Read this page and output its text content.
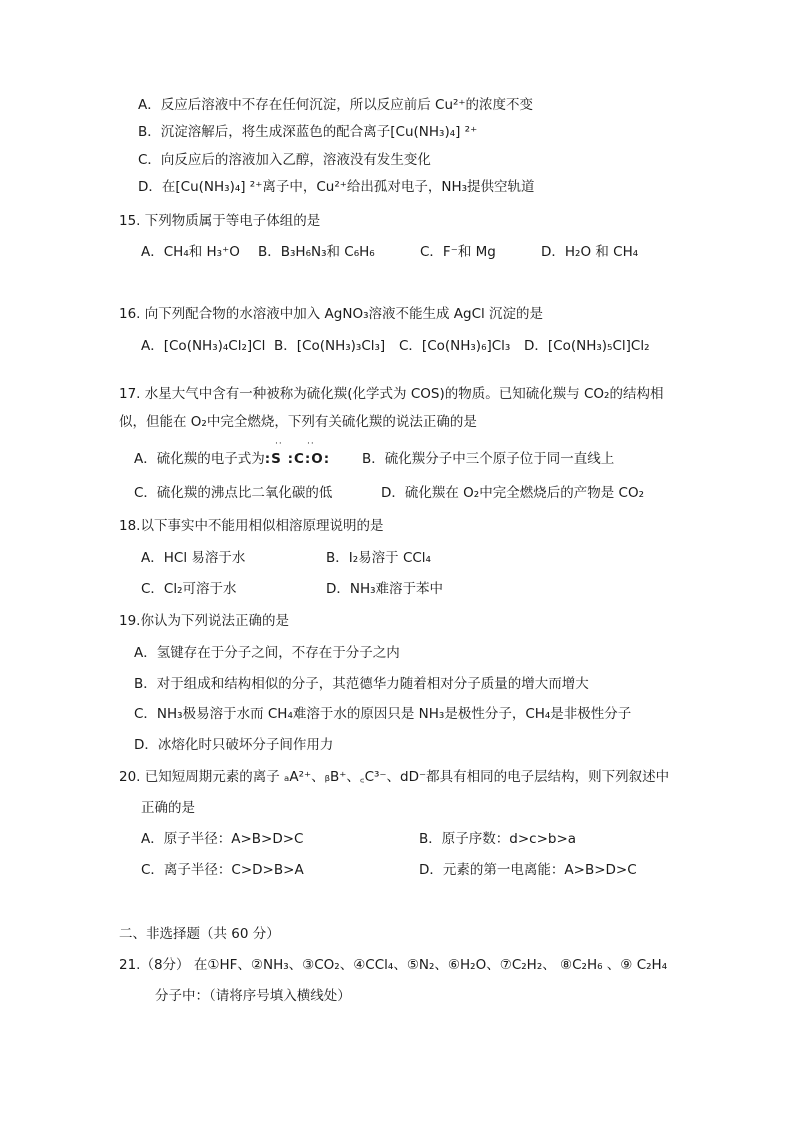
A．反应后溶液中不存在任何沉淀，所以反应前后 Cu²⁺的浓度不变
B．沉淀溶解后，将生成深蓝色的配合离子[Cu(NH₃)₄] ²⁺
C．向反应后的溶液加入乙醇，溶液没有发生变化
D．在[Cu(NH₃)₄] ²⁺离子中，Cu²⁺给出孤对电子，NH₃提供空轨道
15. 下列物质属于等电子体组的是
A．CH₄和 H₃⁺O B．B₃H₆N₃和 C₆H₆	C．F⁻和 Mg	D．H₂O 和 CH₄
16. 向下列配合物的水溶液中加入 AgNO₃溶液不能生成 AgCl 沉淀的是
A．[Co(NH₃)₄Cl₂]Cl B．[Co(NH₃)₃Cl₃] C．[Co(NH₃)₆]Cl₃ D．[Co(NH₃)₅Cl]Cl₂
17. 水星大气中含有一种被称为硫化羰(化学式为 COS)的物质。已知硫化羰与 CO₂的结构相
似，但能在 O₂中完全燃烧，下列有关硫化羰的说法正确的是
A．硫化羰的电子式为:S :C:O:
··	··
B．硫化羰分子中三个原子位于同一直线上
C．硫化羰的沸点比二氧化碳的低	D．硫化羰在 O₂中完全燃烧后的产物是 CO₂
18.以下事实中不能用相似相溶原理说明的是
A．HCl 易溶于水	B．I₂易溶于 CCl₄
C．Cl₂可溶于水	D．NH₃难溶于苯中
19.你认为下列说法正确的是
A．氢键存在于分子之间，不存在于分子之内
B．对于组成和结构相似的分子，其范德华力随着相对分子质量的增大而增大
C．NH₃极易溶于水而 CH₄难溶于水的原因只是 NH₃是极性分子，CH₄是非极性分子
D．冰熔化时只破坏分子间作用力
20. 已知短周期元素的离子 ₐA²⁺、ᵦB⁺、꜀C³⁻、dD⁻都具有相同的电子层结构，则下列叙述中
正确的是
A．原子半径：A>B>D>C	B．原子序数：d>c>b>a
C．离子半径：C>D>B>A	D．元素的第一电离能：A>B>D>C
二、非选择题（共 60 分）
21.（8分） 在①HF、②NH₃、③CO₂、④CCl₄、⑤N₂、⑥H₂O、⑦C₂H₂、 ⑧C₂H₆ 、⑨ C₂H₄
分子中：（请将序号填入横线处）
